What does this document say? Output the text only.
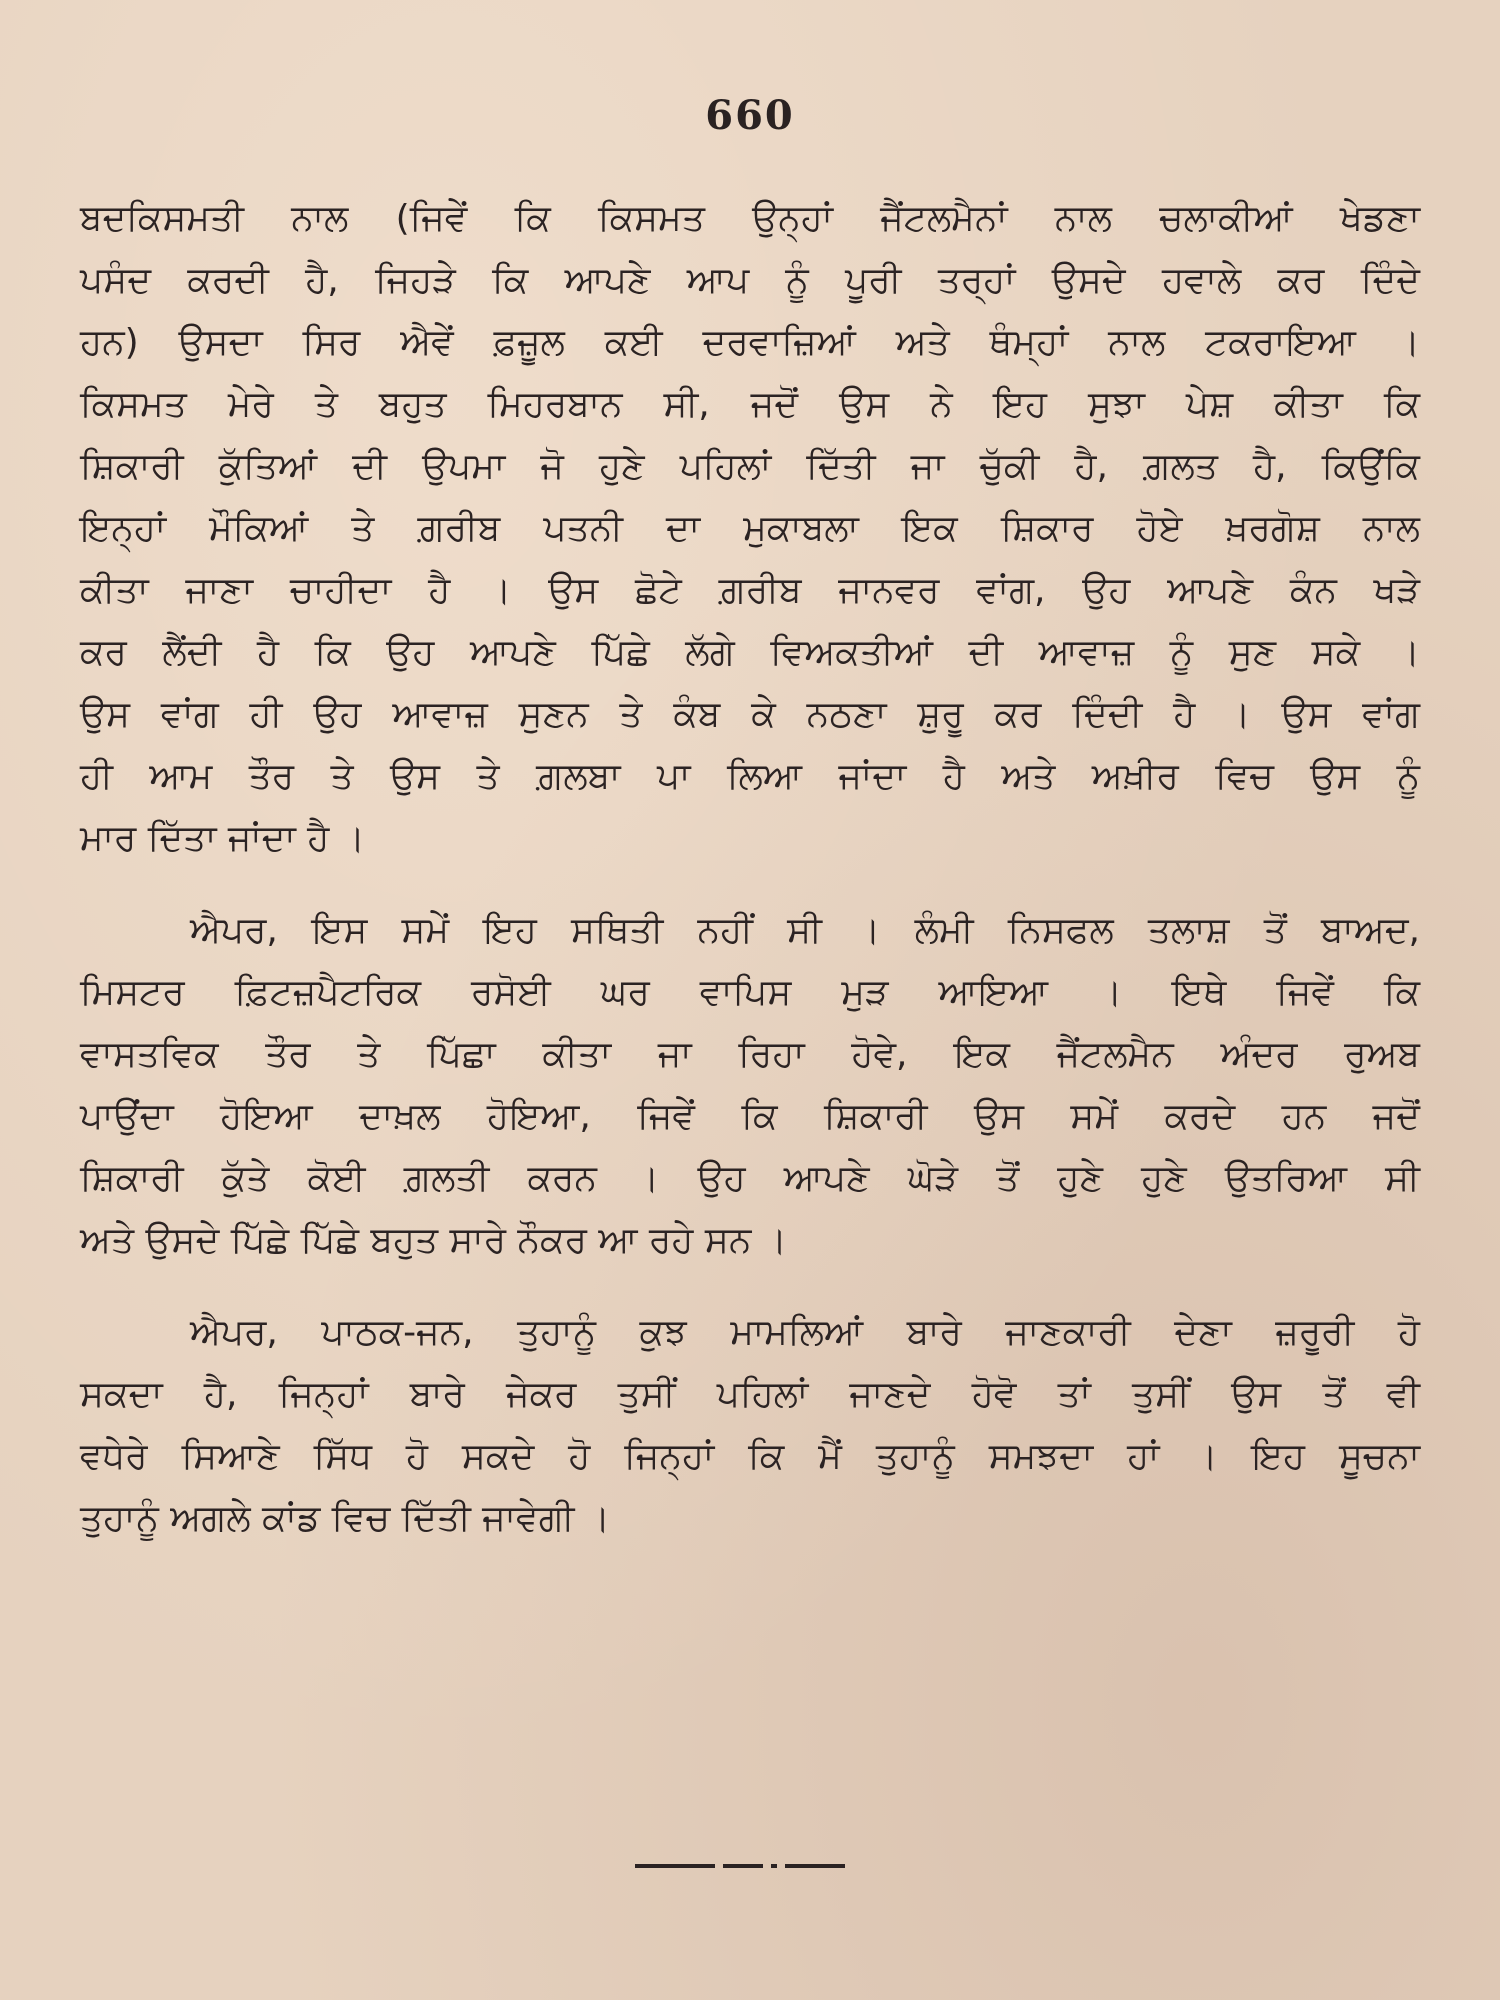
660
ਬਦਕਿਸਮਤੀ ਨਾਲ (ਜਿਵੇਂ ਕਿ ਕਿਸਮਤ ਉਨ੍ਹਾਂ ਜੈਂਟਲਮੈਨਾਂ ਨਾਲ ਚਲਾਕੀਆਂ ਖੇਡਣਾ
ਪਸੰਦ ਕਰਦੀ ਹੈ, ਜਿਹੜੇ ਕਿ ਆਪਣੇ ਆਪ ਨੂੰ ਪੂਰੀ ਤਰ੍ਹਾਂ ਉਸਦੇ ਹਵਾਲੇ ਕਰ ਦਿੰਦੇ
ਹਨ) ਉਸਦਾ ਸਿਰ ਐਵੇਂ ਫ਼ਜ਼ੂਲ ਕਈ ਦਰਵਾਜ਼ਿਆਂ ਅਤੇ ਥੰਮ੍ਹਾਂ ਨਾਲ ਟਕਰਾਇਆ ।
ਕਿਸਮਤ ਮੇਰੇ ਤੇ ਬਹੁਤ ਮਿਹਰਬਾਨ ਸੀ, ਜਦੋਂ ਉਸ ਨੇ ਇਹ ਸੁਝਾ ਪੇਸ਼ ਕੀਤਾ ਕਿ
ਸ਼ਿਕਾਰੀ ਕੁੱਤਿਆਂ ਦੀ ਉਪਮਾ ਜੋ ਹੁਣੇ ਪਹਿਲਾਂ ਦਿੱਤੀ ਜਾ ਚੁੱਕੀ ਹੈ, ਗ਼ਲਤ ਹੈ, ਕਿਉਂਕਿ
ਇਨ੍ਹਾਂ ਮੌਕਿਆਂ ਤੇ ਗ਼ਰੀਬ ਪਤਨੀ ਦਾ ਮੁਕਾਬਲਾ ਇਕ ਸ਼ਿਕਾਰ ਹੋਏ ਖ਼ਰਗੋਸ਼ ਨਾਲ
ਕੀਤਾ ਜਾਣਾ ਚਾਹੀਦਾ ਹੈ । ਉਸ ਛੋਟੇ ਗ਼ਰੀਬ ਜਾਨਵਰ ਵਾਂਗ, ਉਹ ਆਪਣੇ ਕੰਨ ਖੜੇ
ਕਰ ਲੈਂਦੀ ਹੈ ਕਿ ਉਹ ਆਪਣੇ ਪਿੱਛੇ ਲੱਗੇ ਵਿਅਕਤੀਆਂ ਦੀ ਆਵਾਜ਼ ਨੂੰ ਸੁਣ ਸਕੇ ।
ਉਸ ਵਾਂਗ ਹੀ ਉਹ ਆਵਾਜ਼ ਸੁਣਨ ਤੇ ਕੰਬ ਕੇ ਨਠਣਾ ਸ਼ੁਰੂ ਕਰ ਦਿੰਦੀ ਹੈ । ਉਸ ਵਾਂਗ
ਹੀ ਆਮ ਤੌਰ ਤੇ ਉਸ ਤੇ ਗ਼ਲਬਾ ਪਾ ਲਿਆ ਜਾਂਦਾ ਹੈ ਅਤੇ ਅਖ਼ੀਰ ਵਿਚ ਉਸ ਨੂੰ
ਮਾਰ ਦਿੱਤਾ ਜਾਂਦਾ ਹੈ ।
ਐਪਰ, ਇਸ ਸਮੇਂ ਇਹ ਸਥਿਤੀ ਨਹੀਂ ਸੀ । ਲੰਮੀ ਨਿਸਫਲ ਤਲਾਸ਼ ਤੋਂ ਬਾਅਦ,
ਮਿਸਟਰ ਫ਼ਿਟਜ਼ਪੈਟਰਿਕ ਰਸੋਈ ਘਰ ਵਾਪਿਸ ਮੁੜ ਆਇਆ । ਇਥੇ ਜਿਵੇਂ ਕਿ
ਵਾਸਤਵਿਕ ਤੌਰ ਤੇ ਪਿੱਛਾ ਕੀਤਾ ਜਾ ਰਿਹਾ ਹੋਵੇ, ਇਕ ਜੈਂਟਲਮੈਨ ਅੰਦਰ ਰੁਅਬ
ਪਾਉਂਦਾ ਹੋਇਆ ਦਾਖ਼ਲ ਹੋਇਆ, ਜਿਵੇਂ ਕਿ ਸ਼ਿਕਾਰੀ ਉਸ ਸਮੇਂ ਕਰਦੇ ਹਨ ਜਦੋਂ
ਸ਼ਿਕਾਰੀ ਕੁੱਤੇ ਕੋਈ ਗ਼ਲਤੀ ਕਰਨ । ਉਹ ਆਪਣੇ ਘੋੜੇ ਤੋਂ ਹੁਣੇ ਹੁਣੇ ਉਤਰਿਆ ਸੀ
ਅਤੇ ਉਸਦੇ ਪਿੱਛੇ ਪਿੱਛੇ ਬਹੁਤ ਸਾਰੇ ਨੌਕਰ ਆ ਰਹੇ ਸਨ ।
ਐਪਰ, ਪਾਠਕ-ਜਨ, ਤੁਹਾਨੂੰ ਕੁਝ ਮਾਮਲਿਆਂ ਬਾਰੇ ਜਾਣਕਾਰੀ ਦੇਣਾ ਜ਼ਰੂਰੀ ਹੋ
ਸਕਦਾ ਹੈ, ਜਿਨ੍ਹਾਂ ਬਾਰੇ ਜੇਕਰ ਤੁਸੀਂ ਪਹਿਲਾਂ ਜਾਣਦੇ ਹੋਵੋ ਤਾਂ ਤੁਸੀਂ ਉਸ ਤੋਂ ਵੀ
ਵਧੇਰੇ ਸਿਆਣੇ ਸਿੱਧ ਹੋ ਸਕਦੇ ਹੋ ਜਿਨ੍ਹਾਂ ਕਿ ਮੈਂ ਤੁਹਾਨੂੰ ਸਮਝਦਾ ਹਾਂ । ਇਹ ਸੂਚਨਾ
ਤੁਹਾਨੂੰ ਅਗਲੇ ਕਾਂਡ ਵਿਚ ਦਿੱਤੀ ਜਾਵੇਗੀ ।
